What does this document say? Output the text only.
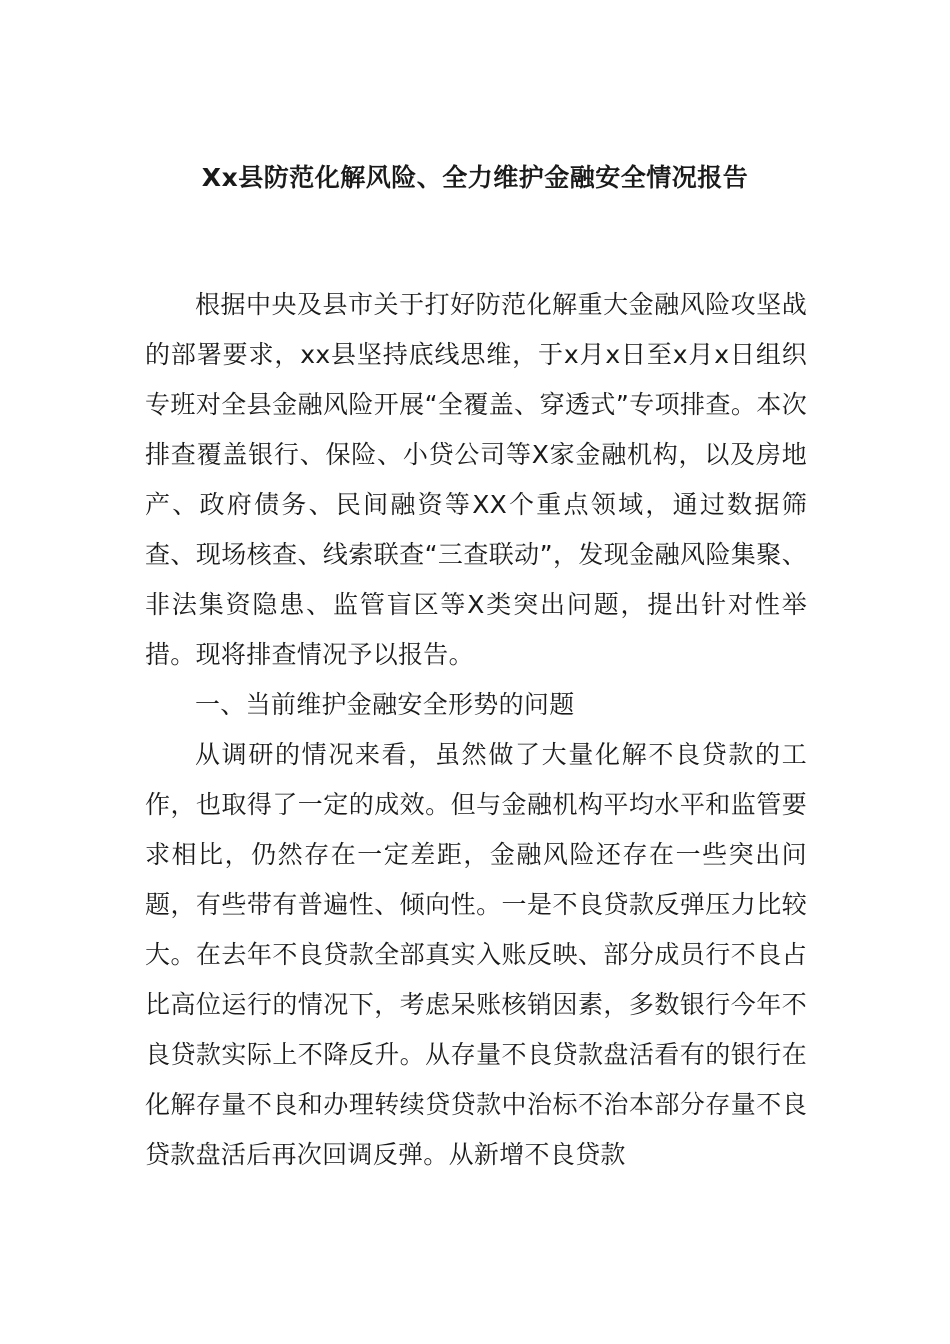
Xx县防范化解风险、全力维护金融安全情况报告

根据中央及县市关于打好防范化解重大金融风险攻坚战的部署要求，xx县坚持底线思维，于x月x日至x月x日组织专班对全县金融风险开展“全覆盖、穿透式”专项排查。本次排查覆盖银行、保险、小贷公司等X家金融机构，以及房地产、政府债务、民间融资等XX个重点领域，通过数据筛查、现场核查、线索联查“三查联动”，发现金融风险集聚、非法集资隐患、监管盲区等X类突出问题，提出针对性举措。现将排查情况予以报告。

一、当前维护金融安全形势的问题

从调研的情况来看，虽然做了大量化解不良贷款的工作，也取得了一定的成效。但与金融机构平均水平和监管要求相比，仍然存在一定差距，金融风险还存在一些突出问题，有些带有普遍性、倾向性。一是不良贷款反弹压力比较大。在去年不良贷款全部真实入账反映、部分成员行不良占比高位运行的情况下，考虑呆账核销因素，多数银行今年不良贷款实际上不降反升。从存量不良贷款盘活看有的银行在化解存量不良和办理转续贷贷款中治标不治本部分存量不良贷款盘活后再次回调反弹。从新增不良贷款
